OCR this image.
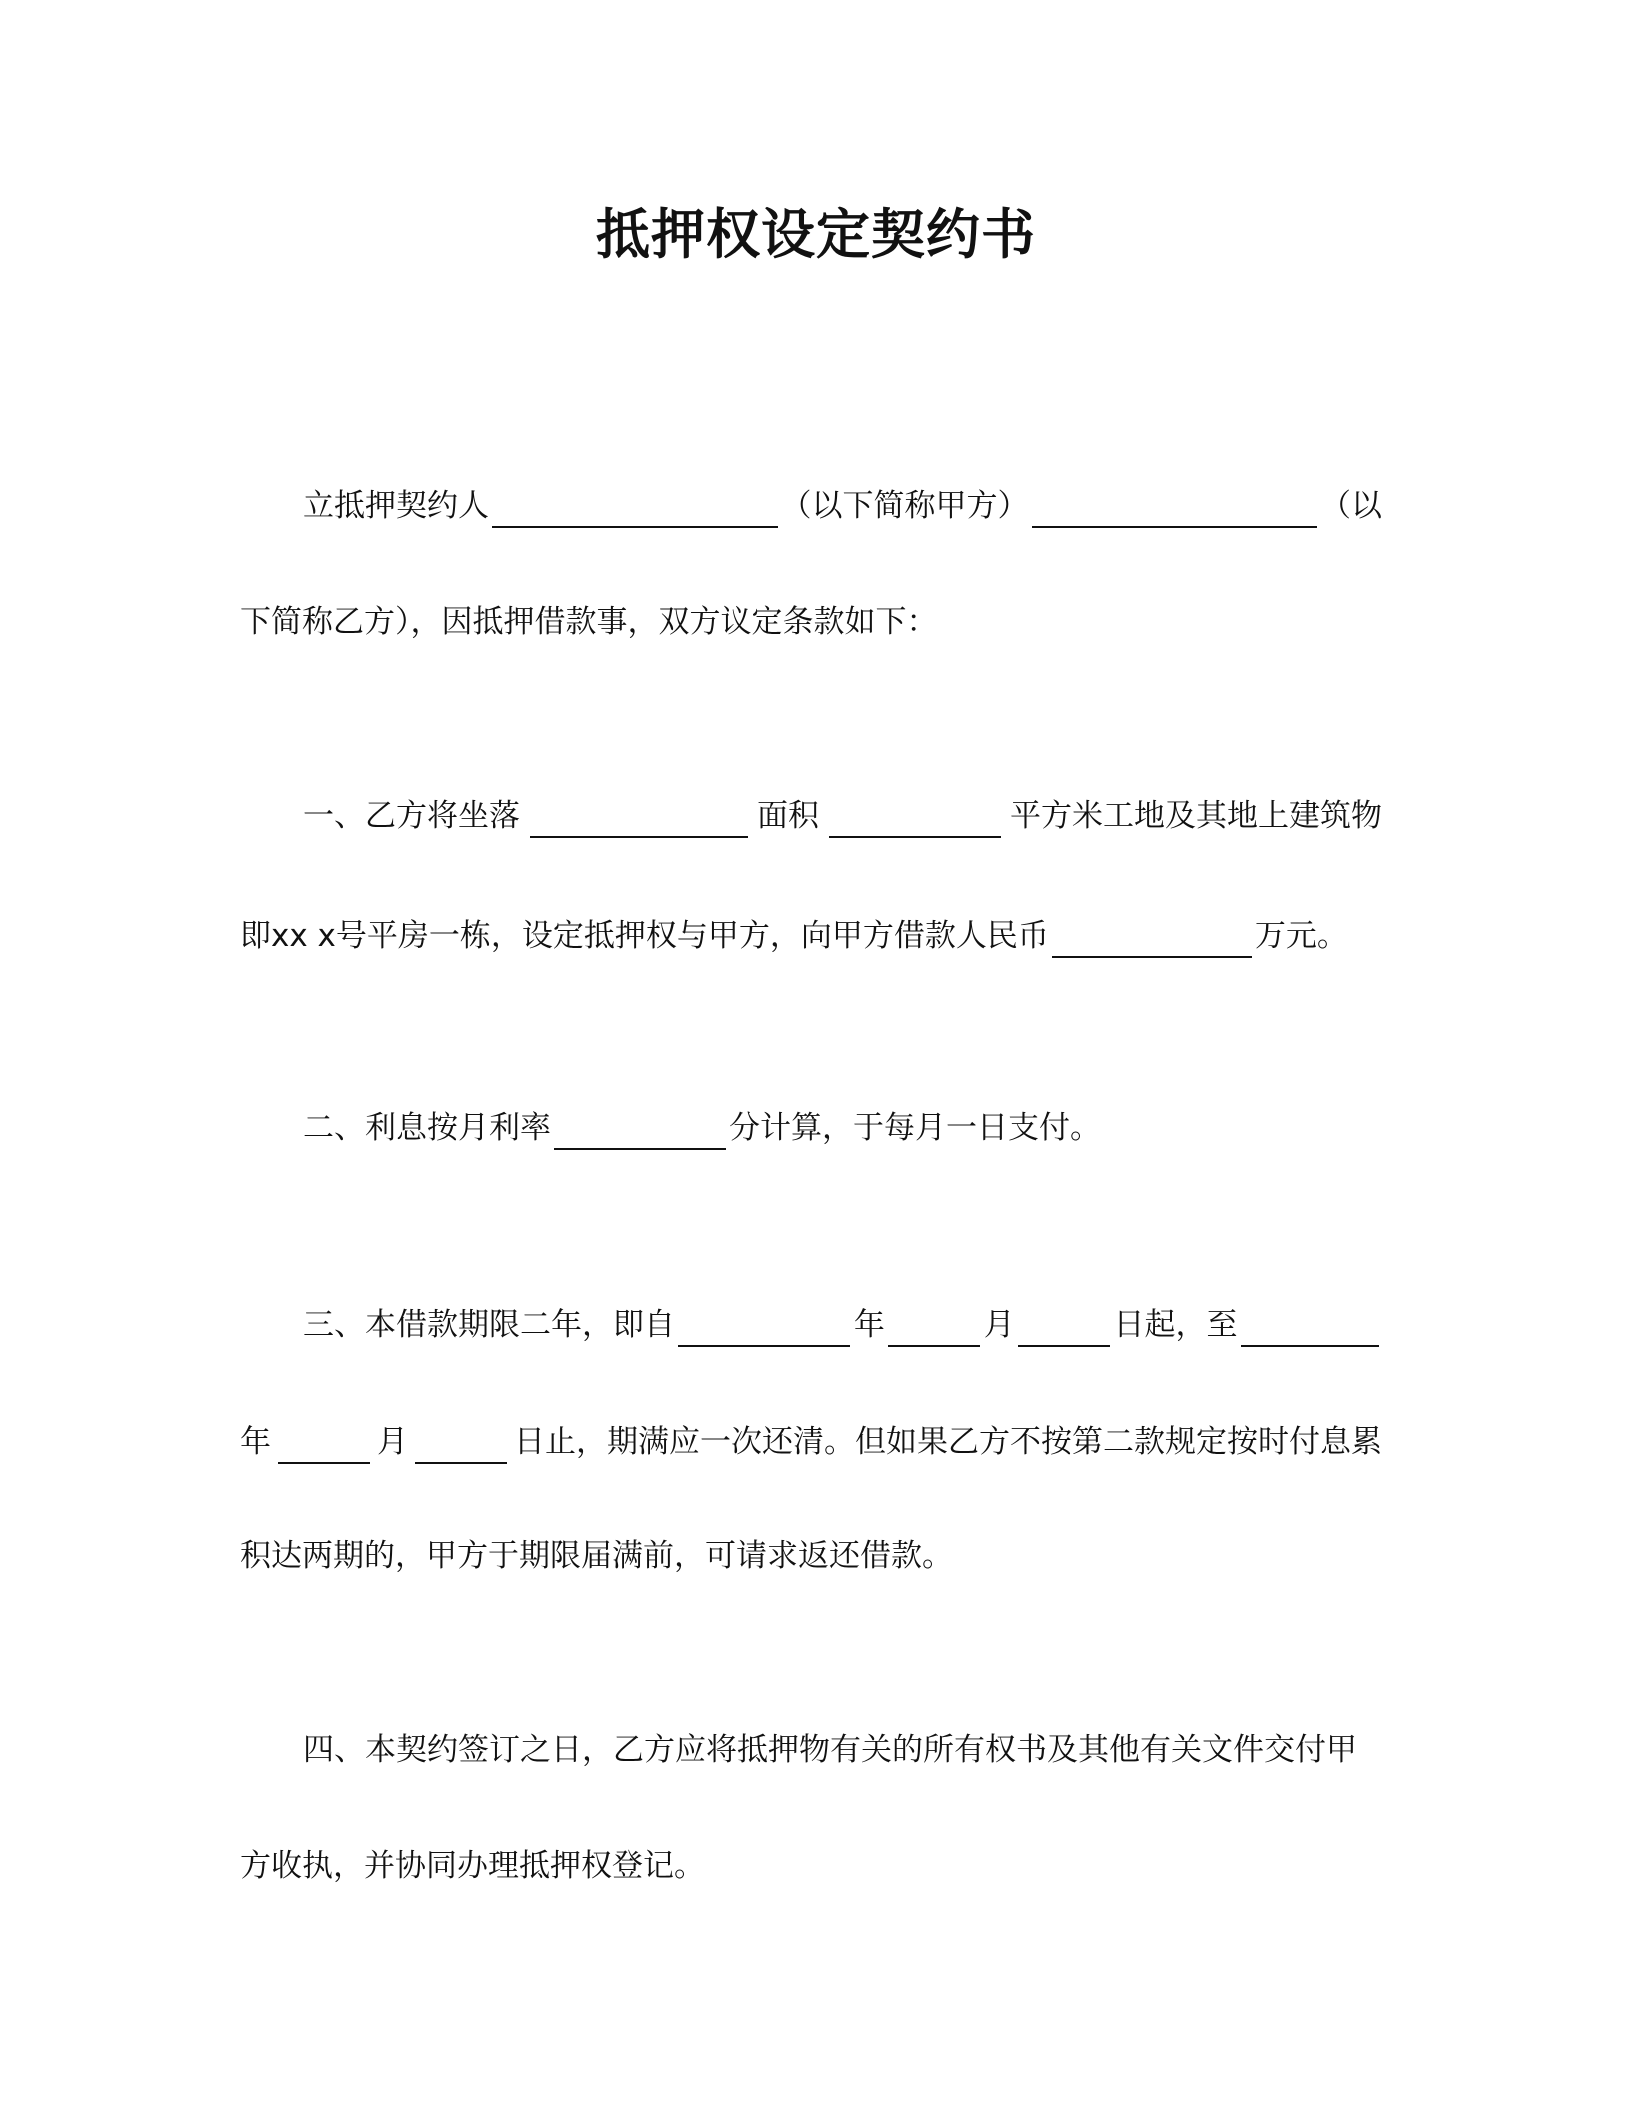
抵押权设定契约书
立抵押契约人	（以下简称甲方）	（以
下简称乙方），因抵押借款事，双方议定条款如下：
一、乙方将坐落	面积	平方米工地及其地上建筑物
即xx x号平房一栋，设定抵押权与甲方，向甲方借款人民币	万元。
二、利息按月利率	分计算，于每月一日支付。
三、本借款期限二年，即自	年	月	日起，至
年	月	日止，期满应一次还清。但如果乙方不按第二款规定按时付息累
积达两期的，甲方于期限届满前，可请求返还借款。
四、本契约签订之日，乙方应将抵押物有关的所有权书及其他有关文件交付甲
方收执，并协同办理抵押权登记。
